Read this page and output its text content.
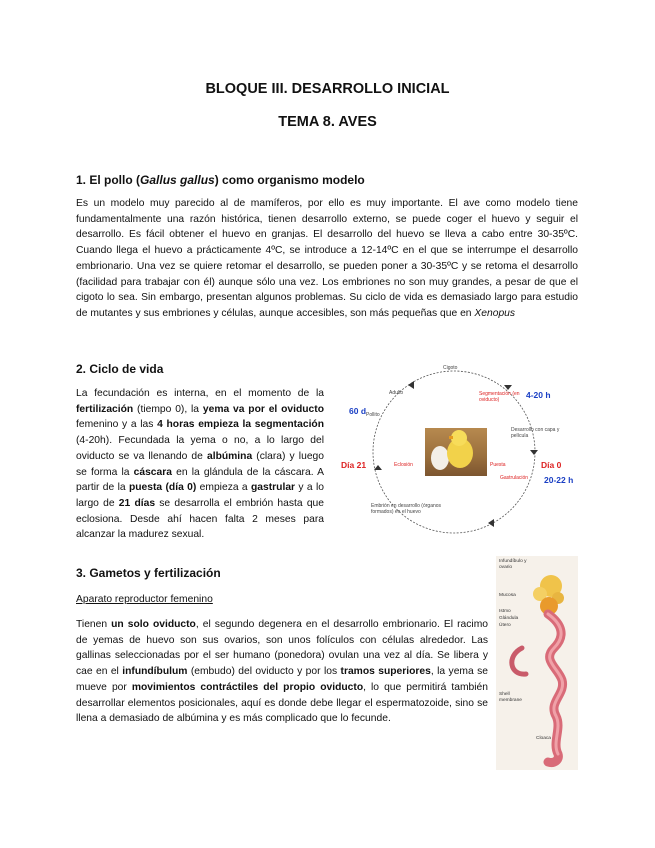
BLOQUE III. DESARROLLO INICIAL
TEMA 8. AVES
1. El pollo (Gallus gallus) como organismo modelo
Es un modelo muy parecido al de mamíferos, por ello es muy importante. El ave como modelo tiene fundamentalmente una razón histórica, tienen desarrollo externo, se puede coger el huevo y seguir el desarrollo. Es fácil obtener el huevo en granjas. El desarrollo del huevo se lleva a cabo entre 30-35ºC. Cuando llega el huevo a prácticamente 4ºC, se introduce a 12-14ºC en el que se interrumpe el desarrollo embrionario. Una vez se quiere retomar el desarrollo, se pueden poner a 30-35ºC y se retoma el desarrollo (facilidad para trabajar con él) aunque sólo una vez. Los embriones no son muy grandes, a pesar de que el cigoto lo sea. Sin embargo, presentan algunos problemas. Su ciclo de vida es demasiado largo para estudio de mutantes y sus embriones y células, aunque accesibles, son más pequeñas que en Xenopus
2. Ciclo de vida
La fecundación es interna, en el momento de la fertilización (tiempo 0), la yema va por el oviducto femenino y a las 4 horas empieza la segmentación (4-20h). Fecundada la yema o no, a lo largo del oviducto se va llenando de albúmina (clara) y luego se forma la cáscara en la glándula de la cáscara. A partir de la puesta (día 0) empieza a gastrular y a lo largo de 21 días se desarrolla el embrión hasta que eclosiona. Desde ahí hacen falta 2 meses para alcanzar la madurez sexual.
Cigoto
Segmentación (en oviducto)	4-20 h
Adulto
60 d Pollito
Desarrollo con capa y película
Día 21	Eclosión	Puesta	Día 0
Gastrulación 20-22 h
Embrión en desarrollo (órganos formados) en el huevo
3. Gametos y fertilización
Aparato reproductor femenino
Tienen un solo oviducto, el segundo degenera en el desarrollo embrionario. El racimo de yemas de huevo son sus ovarios, son unos folículos con células alrededor. Las gallinas seleccionadas por el ser humano (ponedora) ovulan una vez al día. Se libera y cae en el infundíbulum (embudo) del oviducto y por los tramos superiores, la yema se mueve por movimientos contráctiles del propio oviducto, lo que permitirá también desarrollar elementos posicionales, aquí es donde debe llegar el espermatozoide, sino se llena a demasiado de albúmina y es más complicado que lo fecunde.
Infundíbulo y ovario
Mucosa
Istmo
Glándula
Útero
Shell membrane
Cloaca
